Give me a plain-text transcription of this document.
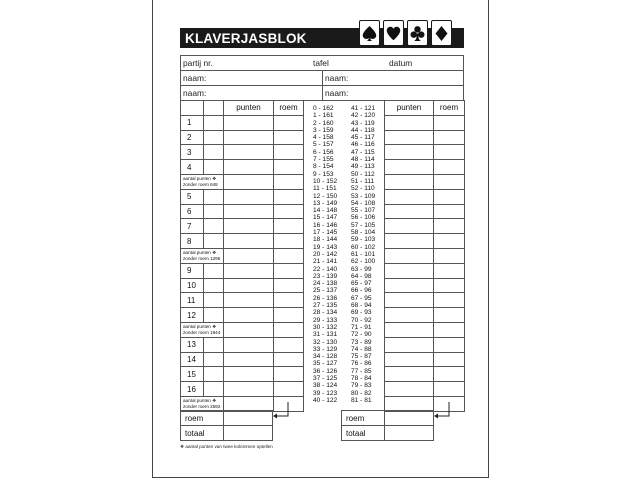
KLAVERJASBLOK
partij nr.	tafel	datum
naam:	naam:
naam:	naam:
		punten	roem
1			
2			
3			
4			
aantal punten ❖ zonder roem 648			
5			
6			
7			
8			
aantal punten ❖ zonder roem 1296			
9			
10			
11			
12			
aantal punten ❖ zonder roem 1944			
13			
14			
15			
16			
aantal punten ❖ zonder roem 2592			
punten	roem

0 - 162
1 - 161
2 - 160
3 - 159
4 - 158
5 - 157
6 - 156
7 - 155
8 - 154
9 - 153
10 - 152
11 - 151
12 - 150
13 - 149
14 - 148
15 - 147
16 - 146
17 - 145
18 - 144
19 - 143
20 - 142
21 - 141
22 - 140
23 - 139
24 - 138
25 - 137
26 - 136
27 - 135
28 - 134
29 - 133
30 - 132
31 - 131
32 - 130
33 - 129
34 - 128
35 - 127
36 - 126
37 - 125
38 - 124
39 - 123
40 - 122
41 - 121
42 - 120
43 - 119
44 - 118
45 - 117
46 - 116
47 - 115
48 - 114
49 - 113
50 - 112
51 - 111
52 - 110
53 - 109
54 - 108
55 - 107
56 - 106
57 - 105
58 - 104
59 - 103
60 - 102
61 - 101
62 - 100
63 - 99
64 - 98
65 - 97
66 - 96
67 - 95
68 - 94
69 - 93
70 - 92
71 - 91
72 - 90
73 - 89
74 - 88
75 - 87
76 - 86
77 - 85
78 - 84
79 - 83
80 - 82
81 - 81
roem	
totaal	
roem	
totaal	
❖ aantal punten van twee kolommen optellen
